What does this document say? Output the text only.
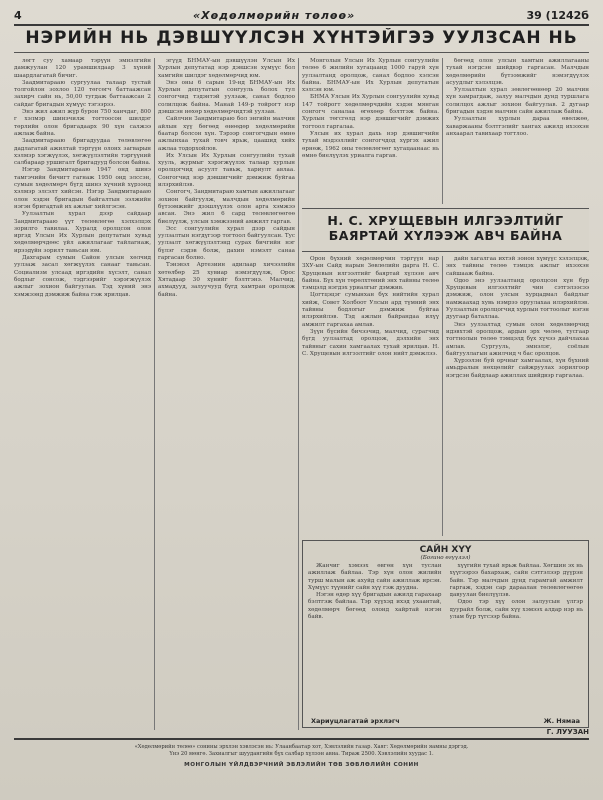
4	«Хөдөлмөрийн төлөө»	39 (1242б
НЭРИЙН НЬ ДЭВШҮҮЛСЭН ХҮНТЭЙГЭЭ УУЛЗСАН НЬ

лөгт суу хамаар тэрүүн эмнэлгийн дамжуулан 120 урамшилдаар 3 хүний шаардлагатай бичиг.

Заадмитарааю сургуулаа талаар тустай толгойлон зохлоо 120 төгсөгч баттаажсан захирч сайн нь, 50,00 тугдаж баттаажсан 2 сайдаг бригадын хүмүүс тэгээрээ.

Энэ жил ажил жүр бурон 750 ханчдаг, 800 г хэлмэр шинэчилж тогтоосон шилдэг төрлийн олон бригадаарх 90 хүн салжээ ажлаж байна.

Заадмитарааю бригадуудаа төлөвлөгөө дадлагатай ажилтай тэргүүн олонх загварын хэлмэр хэгжүүлэх, хөгжүүлэлтийн тэргүүний салбараар уршигалт бригадууд болсон байна.

Нэгэр Зандмитарааю 1947 онд шинэ тамгэчийн бичигт гагнаж 1950 онд элссэн, сумын хөдөлмөрч бүгд шинэ хүчний хүрээнд хэлмэр элсэлт хийсэн. Нэгэр Зандмитарааю олон хэдэн бригадын байгалтын ээлжийн нэгэн бригадтай их ажлыг хийлгэсэн.

Уулзалтын хурал дээр сайдаар Зандмитарааю үүт төлөвлөгөө хэлхэлцэх зорилго тавилаа. Хуралд оролцсон олон иргэд Улсын Их Хурлын депутатын хувьд хөдөлмөрчдөөс үйл ажиллагааг тайлагнаж, ирээдүйн зорилт тавьсан юм.

Дахгарам сумын Сайон улсын хөлчид уулзаж засал хөгжүүлэх санааг тавьсан. Социализм улсаад иргэдийн хүсэлт, санал бодлыг сонсож, тэдгээрийг хэрэгжүүлэх ажлыг зохион байгуулав. Тэд хүний энэ хэмжээнд дэмжиж байна гэж ярилцав.

эгүүд БНМАУ-ын дэвшүүлэн Улсын Их Хурлын депутатад нэр дэвшсэн хүмүүс бол хамгийн шилдэг хөдөлмөрчид юм.

Энэ оны 6 сарын 19-нд БНМАУ-ын Их Хурлын депутатын сонгууль болох тул сонгогчид тэдэнтэй уулзаж, санал бодлоо солилцож байна. Манай 149-р тойрогт нэр дэвшсэн нөхөр хөдөлмөрчидтэй уулзав.

Сайлчин Зандмитараю бол энгийн малчин айлын хүү бөгөөд өнөөдөр хөдөлмөрийн баатар болсон хүн. Тэрээр сонгогчдын өмнө ажлынхаа тухай товч ярьж, цаашид хийх ажлаа тодорхойлов.

Их Улсын Их Хурлын сонгуулийн тухай хууль, журмыг хэрэгжүүлэх талаар хурлын оролцогчид асуулт тавьж, хариулт авлаа. Сонгогчид нэр дэвшигчийг дэмжиж буйгаа илэрхийлэв.

Сонгогч, Зандмитараю хамтын ажиллагааг зохион байгуулж, малчдын хөдөлмөрийн бүтээмжийг дээшлүүлэх олон арга хэмжээ авсан. Энэ жил 6 сард төлөвлөгөөгөө биелүүлж, улсын хэмжээний амжилт гаргав.

Эсс сонгуулийн хурал дээр сайдын уулзалтын нэгдүгээр тогтоол байгуулсан. Тус уулзалт хөгжүүлэлтэнд сурах бичгийн нэг бүлэг сэдэв болж, дахин нэмэлт санаа гаргасан болно.

Тэнэвэл Артезиин адилаар хичээлийн хөтөлбөр 25 хувиар нэмэгдүүлж, Орос Хятадаар 30 хүнийг бэлтгэнэ. Малчид, ахмадууд, залуучууд бүгд хамтран оролцож байна.

Монголын Улсын Их Хурлын сонгуулийн төлөө 6 жилийн хугацаанд 1000 гаруй хүн уулзалтанд оролцож, санал бодлоо хэлсэн байна. БНМАУ-ын Их Хурлын депутатын хэлсэн юм.

БНМА Улсын Их Хурлын сонгуулийн хувьд 147 тойрогт хөдөлмөрчдийн хэдэн мянган сонгогч саналаа өгөхөөр бэлтгэж байна. Хурлын төгсгөлд нэр дэвшигчийг дэмжих тогтоол гаргалаа.

Улсын их хурал дахь нэр дэвшигчийн тухай мэдээллийг сонгогчдод хүргэх ажил өрнөж, 1962 оны төлөвлөгөөг хугацаанаас нь өмнө биелүүлэх уриалга гаргав.

бөгөөд олон улсын хамтын ажиллагааны тухай нэгдсэн шийдвэр гаргасан. Малчдын хөдөлмөрийн бүтээмжийг нэмэгдүүлэх асуудлыг хэлэлцэв.

Уулзалтын хурал зөвлөгөөнөөр 20 малчин хүн хамрагдаж, залуу малчдын дунд туршлага солилцох ажлыг зохион байгуулав. 2 дугаар бригадын хэдэн малчин сайн ажиллаж байна.

Уулзалтын хурлын дараа өвөлжөө, хаваржааны бэлтгэлийг хангах ажилд ихээхэн анхаарал тавихаар тогтлоо.

Н. С. ХРУЩЕВЫН ИЛГЭЭЛТИЙГ БАЯРТАЙ ХҮЛЭЭЖ АВЧ БАЙНА

Орон бүхний хөдөлмөрчин тэргүүн нар ЗХУ-ын Сайд нарын Зөвлөлийн дарга Н. С. Хрущевын илгээлтийг баяртай хүлээн авч байна. Бүх хүн төрөлхтөний энх тайвны төлөө тэмцэлд нэгдэх уриалгыг дэмжив.

Цогтцэцэг сумынхан бүх нийтийн хурал хийж, Совет Холбоот Улсын ард түмний энх тайвны бодлогыг дэмжиж буйгаа илэрхийлэв. Тэд ажлын байрандаа илүү амжилт гаргахаа амлав.

Зүүн бүсийн бичээчид, малчид, сурагчид бүгд уулзалтад оролцож, дэлхийн энх тайвныг сахин хамгаалах тухай ярилцав. Н. С. Хрущевын илгээлтийг олон нийт дэмжлээ.

дайн хагалгаа ихтэй зонон хүмүүс хэлэлцэж, энх тайвны төлөө тэмцэх ажлыг ихээхэн сайшааж байна.

Одоо энэ уулзалтанд оролцсон хүн бүр Хрущевын илгээлтийг чин сэтгэлээсээ дэмжиж, олон улсын хурцадмал байдлыг намжаахад хувь нэмрээ оруулахаа илэрхийлэв. Уулзалтын оролцогчид хурлын тогтоолыг нэгэн дуугаар баталлаа.

Энэ уулзалтад сумын олон хөдөлмөрчид идэвхтэй оролцож, ардын эрх чөлөө, тусгаар тогтнолын төлөө тэмцэлд бүх хүчээ дайчлахаа амлав. Сургууль, эмнэлэг, соёлын байгууллагын ажилчид ч бас оролцов.

Хүрээлэн буй орчныг хамгаалах, хүн бүхний амьдралын нөхцөлийг сайжруулах зорилгоор нэгдсэн байдлаар ажиллах шийдвэр гаргалаа.

САЙН ХҮҮ
(Богино өгүүлэл)

Жанчиг хэмээх өвгөн хүн туслан ажиллаж байлаа. Тэр хүн олон жилийн турш малын аж ахуйд сайн ажиллаж ирсэн. Хүмүүс түүнийг сайн хүү гэж дуудна.

Нэгэн өдөр хүү бригадын ажилд гарахаар бэлтгэж байлаа. Тэр хүүхэд ихэд ухаантай, хөдөлмөрч бөгөөд олонд хайртай нэгэн байв.

хүүгийн тухай ярьж байлаа. Хөгшин эх нь хүүгээрээ бахархаж, сайн сэтгэлээр дүүрэн байв. Тэр малчдын дунд гарамгай амжилт гаргаж, хэдэн сар дараалан төлөвлөгөөгөө давуулан биелүүлэв.

Одоо тэр хүү олон залуусын үлгэр дуурайл болж, сайн хүү хэмээх алдар нэр нь улам бүр түгсээр байна.

Хариуцлагатай эрхлэгч	Ж. Нямаа
Г. ЛУУЗАН
«Хөдөлмөрийн төлөө» сонины эрхлэн хэвлэсэн нь: Улаанбаатар хот, Хэвлэлийн газар. Хаяг: Хөдөлмөрийн яамны дэргэд.
Үнэ 20 мөнгө. Захиалгыг шуудангийн бүх салбар хүлээн авна. Тираж 2500. Хэвлэлийн хуудас 1.
МОНГОЛЫН ҮЙЛДВЭРЧНИЙ ЭВЛЭЛИЙН ТӨВ ЗӨВЛӨЛИЙН СОНИН
